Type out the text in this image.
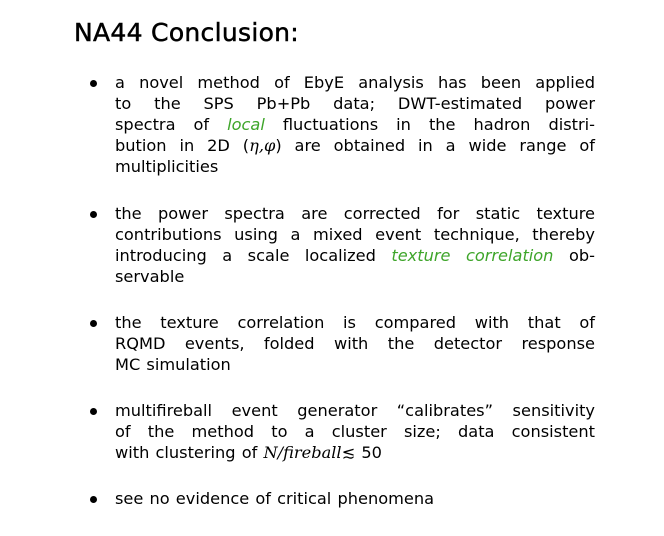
NA44 Conclusion:
a novel method of EbyE analysis has been applied
to the SPS Pb+Pb data; DWT-estimated power
spectra of local fluctuations in the hadron distri-
bution in 2D (η,φ) are obtained in a wide range of
multiplicities
the power spectra are corrected for static texture
contributions using a mixed event technique, thereby
introducing a scale localized texture correlation ob-
servable
the texture correlation is compared with that of
RQMD events, folded with the detector response
MC simulation
multifireball event generator “calibrates” sensitivity
of the method to a cluster size; data consistent
with clustering of N/fireball≲ 50
see no evidence of critical phenomena
